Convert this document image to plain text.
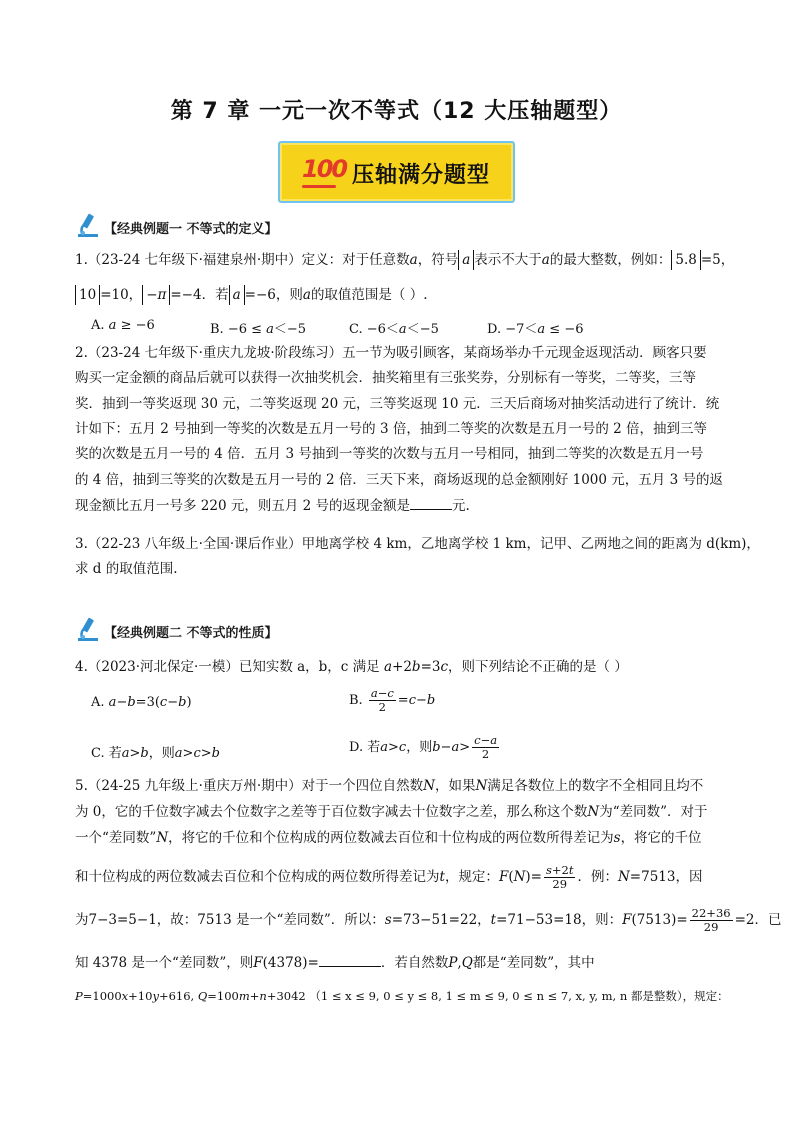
第 7 章 一元一次不等式（12 大压轴题型）
100 压轴满分题型
【经典例题一 不等式的定义】
1.（23-24 七年级下·福建泉州·期中）定义：对于任意数a，符号 a 表示不大于a的最大整数，例如： 5.8 =5，
10 =10， −π =−4．若 a =−6，则a的取值范围是（ ）.
A. a ≥ −6	B. −6 ≤ a＜−5	C. −6＜a＜−5	D. −7＜a ≤ −6
2.（23-24 七年级下·重庆九龙坡·阶段练习）五一节为吸引顾客，某商场举办千元现金返现活动．顾客只要
购买一定金额的商品后就可以获得一次抽奖机会．抽奖箱里有三张奖券，分别标有一等奖，二等奖，三等
奖．抽到一等奖返现 30 元，二等奖返现 20 元，三等奖返现 10 元．三天后商场对抽奖活动进行了统计．统
计如下：五月 2 号抽到一等奖的次数是五月一号的 3 倍，抽到二等奖的次数是五月一号的 2 倍，抽到三等
奖的次数是五月一号的 4 倍．五月 3 号抽到一等奖的次数与五月一号相同，抽到二等奖的次数是五月一号
的 4 倍，抽到三等奖的次数是五月一号的 2 倍．三天下来，商场返现的总金额刚好 1000 元，五月 3 号的返
现金额比五月一号多 220 元，则五月 2 号的返现金额是	元.
3.（22-23 八年级上·全国·课后作业）甲地离学校 4 km，乙地离学校 1 km，记甲、乙两地之间的距离为 d(km)，
求 d 的取值范围.
【经典例题二 不等式的性质】
4.（2023·河北保定·一模）已知实数 a，b，c 满足 a+2b=3c，则下列结论不正确的是（ ）
A. a−b=3(c−b)	B. $\frac{a-c}{2} =c-b$
C. 若a>b，则a>c>b	D. 若a>c，则$b-a> \frac{c-a}{2}$
5.（24-25 九年级上·重庆万州·期中）对于一个四位自然数N，如果N满足各数位上的数字不全相同且均不
为 0，它的千位数字减去个位数字之差等于百位数字减去十位数字之差，那么称这个数N为“差同数”．对于
一个“差同数”N，将它的千位和个位构成的两位数减去百位和十位构成的两位数所得差记为s，将它的千位
和十位构成的两位数减去百位和个位构成的两位数所得差记为t，规定：$F(N)= \frac{s+2t}{29}$ ．例：N=7513，因
为7−3=5−1，故：7513 是一个“差同数”．所以：s=73−51=22，t=71−53=18，则：$F(7513)= \frac{22+36}{29} =2$．已
知 4378 是一个“差同数”，则F(4378)=	．若自然数P,Q都是“差同数”，其中
P=1000x+10y+616, Q=100m+n+3042 （1 ≤ x ≤ 9, 0 ≤ y ≤ 8, 1 ≤ m ≤ 9, 0 ≤ n ≤ 7, x, y, m, n 都是整数），规定：
